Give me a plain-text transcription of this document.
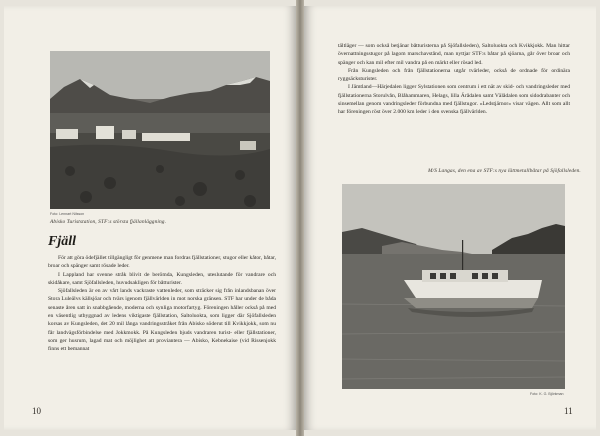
Foto: Lennart Nilsson
Abisko Turiststation, STF:s största fjällanläggning.
Fjäll

För att göra ödefjället tillgängligt för genmene man fordras fjällstationer, stugor eller kåtor, båtar, broar och spänger samt rösade leder.

I Lappland har svenne stråk blivit de berömda, Kungsleden, uteslutande för vandrare och skidåkare, samt Sjöfallsleden, huvudsakligen för båtturister.

Sjöfallsleden är en av vårt lands vackraste vattenleder, som sträcker sig från inlandsbanan över Stora Luleälvs källsjöar och tvärs igenom fjällvärlden in mot norska gränsen. STF har under de båda senaste åren satt in snabbgående, moderna och synliga motorfartyg. Föreningen håller också på med en väsentlig utbyggnad av ledens viktigaste fjällstation, Saltoluokta, som ligger där Sjöfallsleden korsas av Kungsleden, det 20 mil långa vandringsstråket från Abisko söderut till Kvikkjokk, som nu får landvägsförbindelse med Jokkmokk. På Kungsleden bjuds vandraren turist- eller fjällstationer, som ger husrum, lagad mat och möjlighet att proviantera — Abisko, Kebnekaise (vid Rissenjokk finns ett bemannat

10

tältläger — som också betjänar båtturisterna på Sjöfallsleden), Saltoluokta och Kvikkjokk. Man hittar övernattningsstugor på lagom marschavstånd, man nyttjar STF:s båtar på sjöarna, går över broar och spänger och kan mil efter mil vandra på en märkt eller rösad led.

Från Kungsleden och från fjällstationerna utgår tvärleder, också de ordnade för ordinära ryggsäcksturister.

I Jämtland—Härjedalen ligger Sylstationen som centrum i ett nät av skid- och vandringsleder med fjällstationerna Storulvån, Blåhammaren, Helags, lilla Ärådalen samt Välådalen som sidodrabanter och sinsemellan genom vandringsleder förbundna med fjällstugor. »Ledstjärnor« visar vägen. Allt som allt har föreningen röst över 2.000 km leder i den svenska fjällvärlden.

M/S Langas, den ena av STF:s nya lättmetallbåtar på Sjöfallsleden.
Foto: K. G. Björkman
11
